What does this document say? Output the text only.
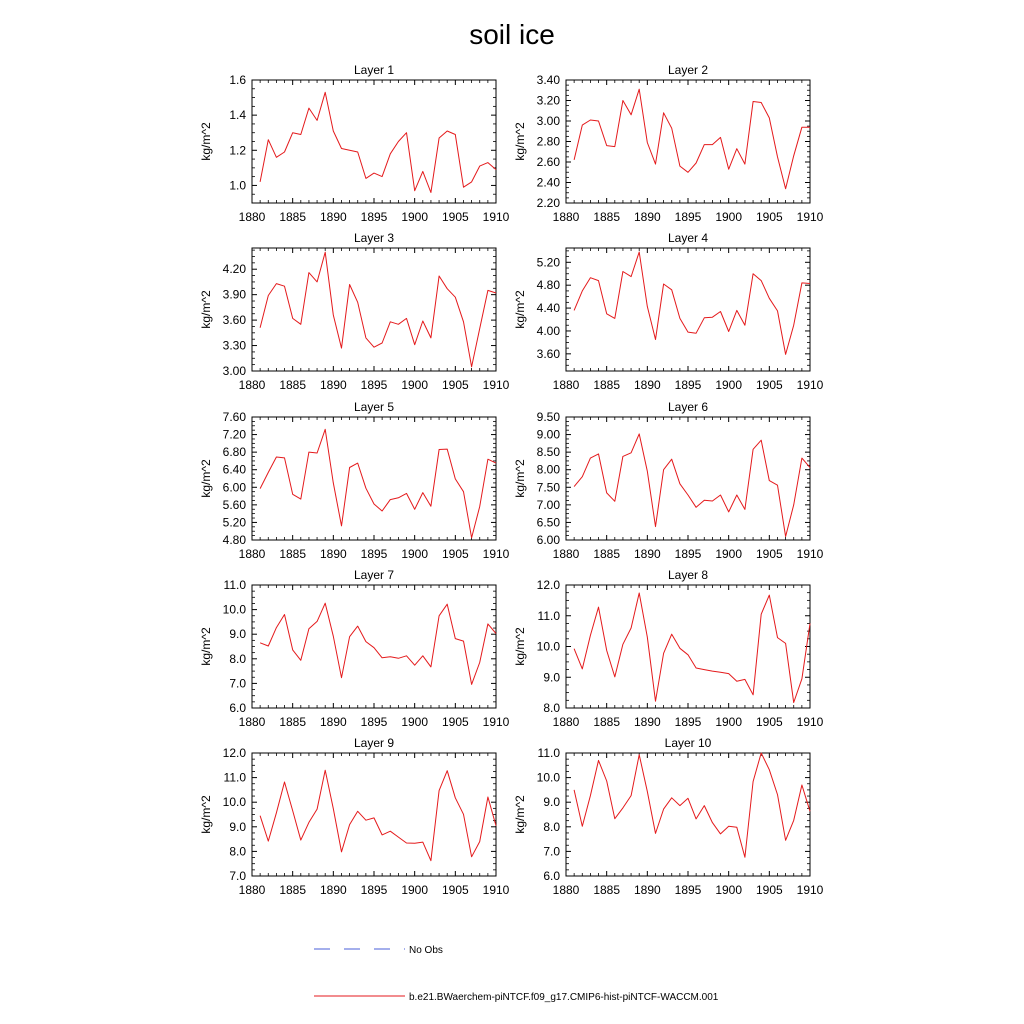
soil ice
Layer 1
kg/m^2
1880 1885 1890 1895 1900 1905 1910
1.0
1.2
1.4
1.6
Layer 2
kg/m^2
1880 1885 1890 1895 1900 1905 1910
2.20
2.40
2.60
2.80
3.00
3.20
3.40
Layer 3
kg/m^2
1880 1885 1890 1895 1900 1905 1910
3.00
3.30
3.60
3.90
4.20
Layer 4
kg/m^2
1880 1885 1890 1895 1900 1905 1910
3.60
4.00
4.40
4.80
5.20
Layer 5
kg/m^2
1880 1885 1890 1895 1900 1905 1910
4.80
5.20
5.60
6.00
6.40
6.80
7.20
7.60
Layer 6
kg/m^2
1880 1885 1890 1895 1900 1905 1910
6.00
6.50
7.00
7.50
8.00
8.50
9.00
9.50
Layer 7
kg/m^2
1880 1885 1890 1895 1900 1905 1910
6.0
7.0
8.0
9.0
10.0
11.0
Layer 8
kg/m^2
1880 1885 1890 1895 1900 1905 1910
8.0
9.0
10.0
11.0
12.0
Layer 9
kg/m^2
1880 1885 1890 1895 1900 1905 1910
7.0
8.0
9.0
10.0
11.0
12.0
Layer 10
kg/m^2
1880 1885 1890 1895 1900 1905 1910
6.0
7.0
8.0
9.0
10.0
11.0
No Obs
b.e21.BWaerchem-piNTCF.f09_g17.CMIP6-hist-piNTCF-WACCM.001
